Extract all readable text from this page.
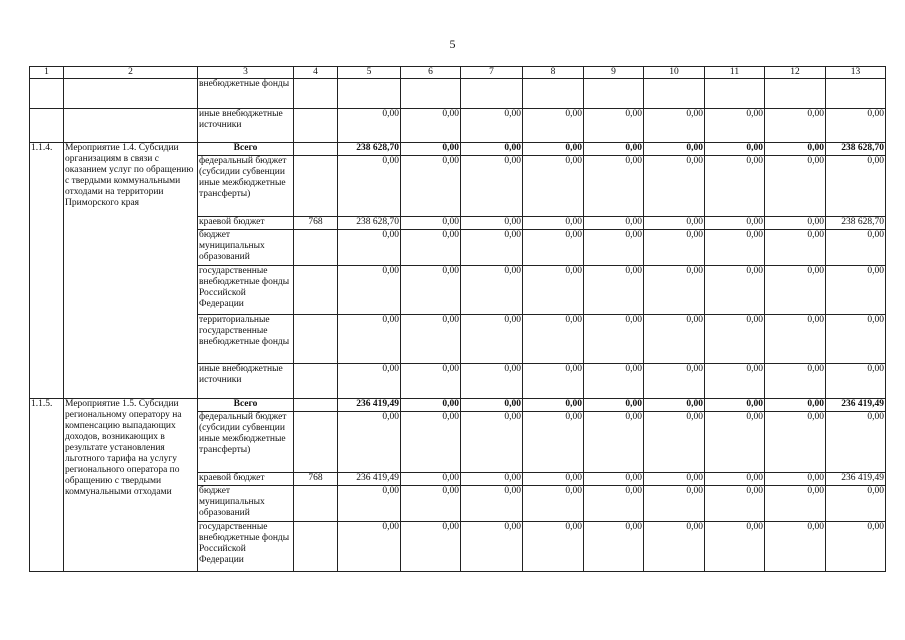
5
1	2	3	4	5	6	7	8	9	10	11	12	13
		внебюджетные фонды										
		иные внебюджетные источники		0,00	0,00	0,00	0,00	0,00	0,00	0,00	0,00	0,00
1.1.4.	Мероприятие 1.4. Субсидии организациям в связи с оказанием услуг по обращению с твердыми коммунальными отходами на территории Приморского края	Всего		238 628,70	0,00	0,00	0,00	0,00	0,00	0,00	0,00	238 628,70
		федеральный бюджет (субсидии субвенции иные межбюджетные трансферты)		0,00	0,00	0,00	0,00	0,00	0,00	0,00	0,00	0,00
		краевой бюджет	768	238 628,70	0,00	0,00	0,00	0,00	0,00	0,00	0,00	238 628,70
		бюджет муниципальных образований		0,00	0,00	0,00	0,00	0,00	0,00	0,00	0,00	0,00
		государственные внебюджетные фонды Российской Федерации		0,00	0,00	0,00	0,00	0,00	0,00	0,00	0,00	0,00
		территориальные государственные внебюджетные фонды		0,00	0,00	0,00	0,00	0,00	0,00	0,00	0,00	0,00
		иные внебюджетные источники		0,00	0,00	0,00	0,00	0,00	0,00	0,00	0,00	0,00
1.1.5.	Мероприятие 1.5. Субсидии региональному оператору на компенсацию выпадающих доходов, возникающих в результате установления льготного тарифа на услугу регионального оператора по обращению с твердыми коммунальными отходами	Всего		236 419,49	0,00	0,00	0,00	0,00	0,00	0,00	0,00	236 419,49
		федеральный бюджет (субсидии субвенции иные межбюджетные трансферты)		0,00	0,00	0,00	0,00	0,00	0,00	0,00	0,00	0,00
		краевой бюджет	768	236 419,49	0,00	0,00	0,00	0,00	0,00	0,00	0,00	236 419,49
		бюджет муниципальных образований		0,00	0,00	0,00	0,00	0,00	0,00	0,00	0,00	0,00
		государственные внебюджетные фонды Российской Федерации		0,00	0,00	0,00	0,00	0,00	0,00	0,00	0,00	0,00
